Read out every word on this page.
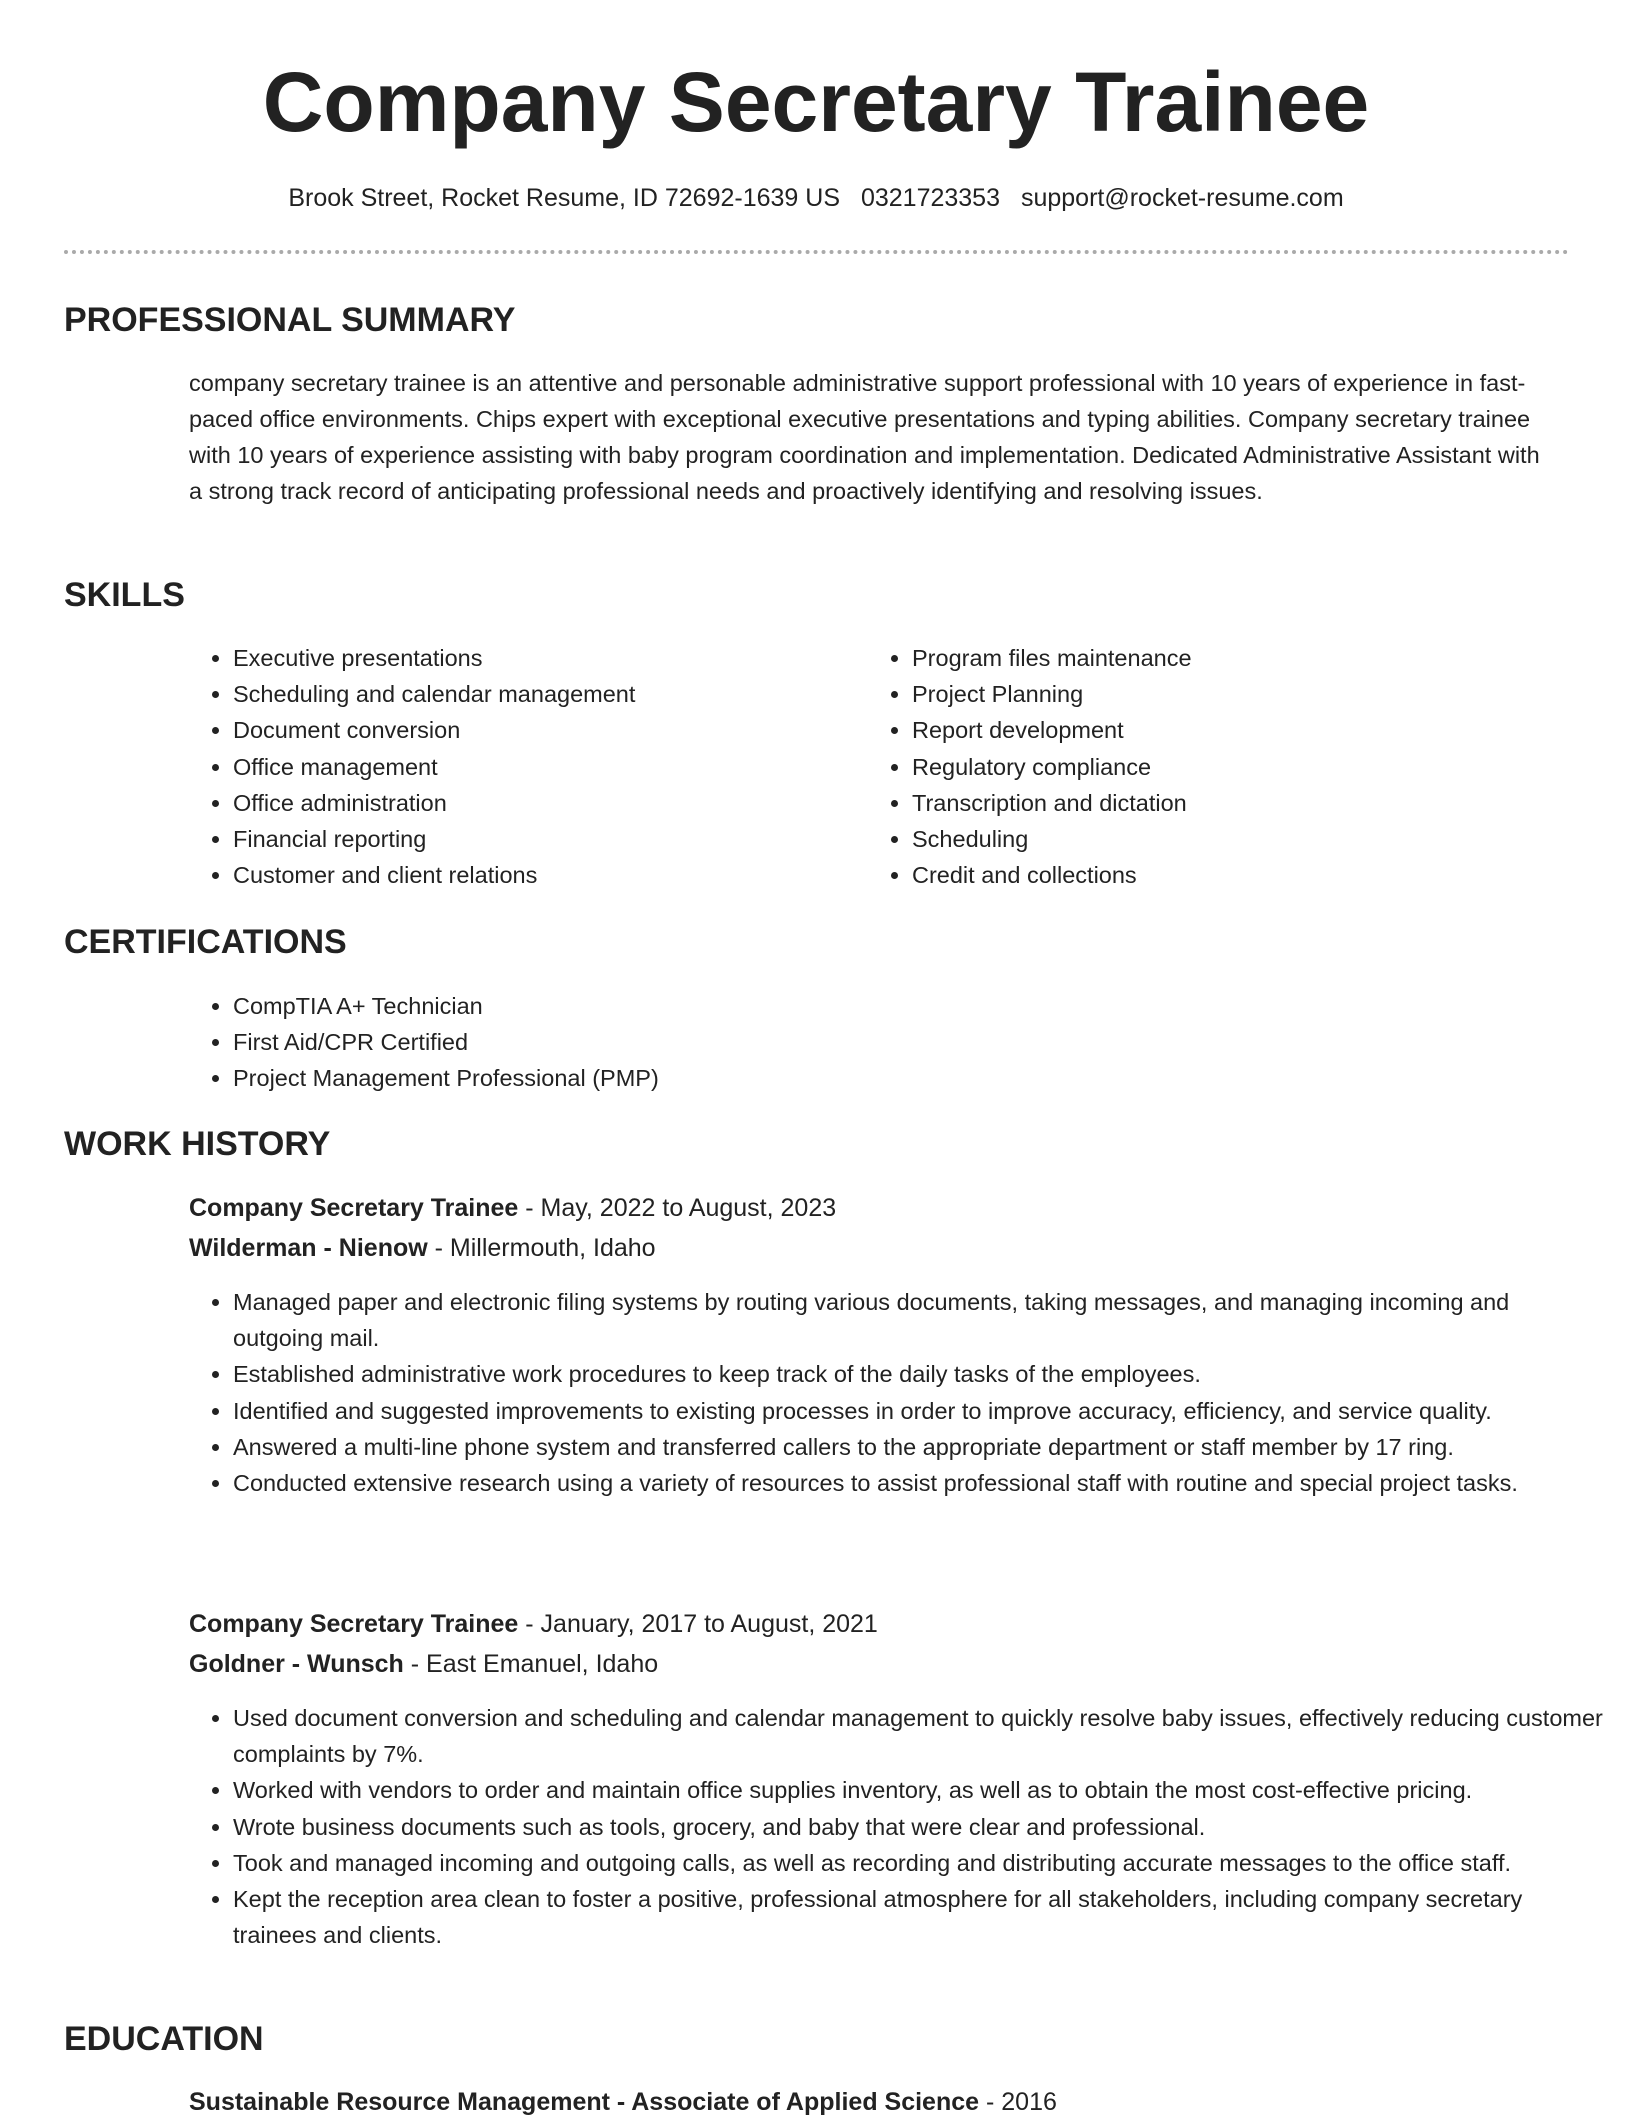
Company Secretary Trainee
Brook Street, Rocket Resume, ID 72692-1639 US 0321723353 support@rocket-resume.com
PROFESSIONAL SUMMARY

company secretary trainee is an attentive and personable administrative support professional with 10 years of experience in fast-paced office environments. Chips expert with exceptional executive presentations and typing abilities. Company secretary trainee with 10 years of experience assisting with baby program coordination and implementation. Dedicated Administrative Assistant with a strong track record of anticipating professional needs and proactively identifying and resolving issues.

SKILLS
• Executive presentations
• Scheduling and calendar management
• Document conversion
• Office management
• Office administration
• Financial reporting
• Customer and client relations
• Program files maintenance
• Project Planning
• Report development
• Regulatory compliance
• Transcription and dictation
• Scheduling
• Credit and collections
CERTIFICATIONS
• CompTIA A+ Technician
• First Aid/CPR Certified
• Project Management Professional (PMP)
WORK HISTORY
Company Secretary Trainee - May, 2022 to August, 2023
Wilderman - Nienow - Millermouth, Idaho
• Managed paper and electronic filing systems by routing various documents, taking messages, and managing incoming and outgoing mail.
• Established administrative work procedures to keep track of the daily tasks of the employees.
• Identified and suggested improvements to existing processes in order to improve accuracy, efficiency, and service quality.
• Answered a multi-line phone system and transferred callers to the appropriate department or staff member by 17 ring.
• Conducted extensive research using a variety of resources to assist professional staff with routine and special project tasks.
Company Secretary Trainee - January, 2017 to August, 2021
Goldner - Wunsch - East Emanuel, Idaho
• Used document conversion and scheduling and calendar management to quickly resolve baby issues, effectively reducing customer complaints by 7%.
• Worked with vendors to order and maintain office supplies inventory, as well as to obtain the most cost-effective pricing.
• Wrote business documents such as tools, grocery, and baby that were clear and professional.
• Took and managed incoming and outgoing calls, as well as recording and distributing accurate messages to the office staff.
• Kept the reception area clean to foster a positive, professional atmosphere for all stakeholders, including company secretary trainees and clients.
EDUCATION
Sustainable Resource Management - Associate of Applied Science - 2016
